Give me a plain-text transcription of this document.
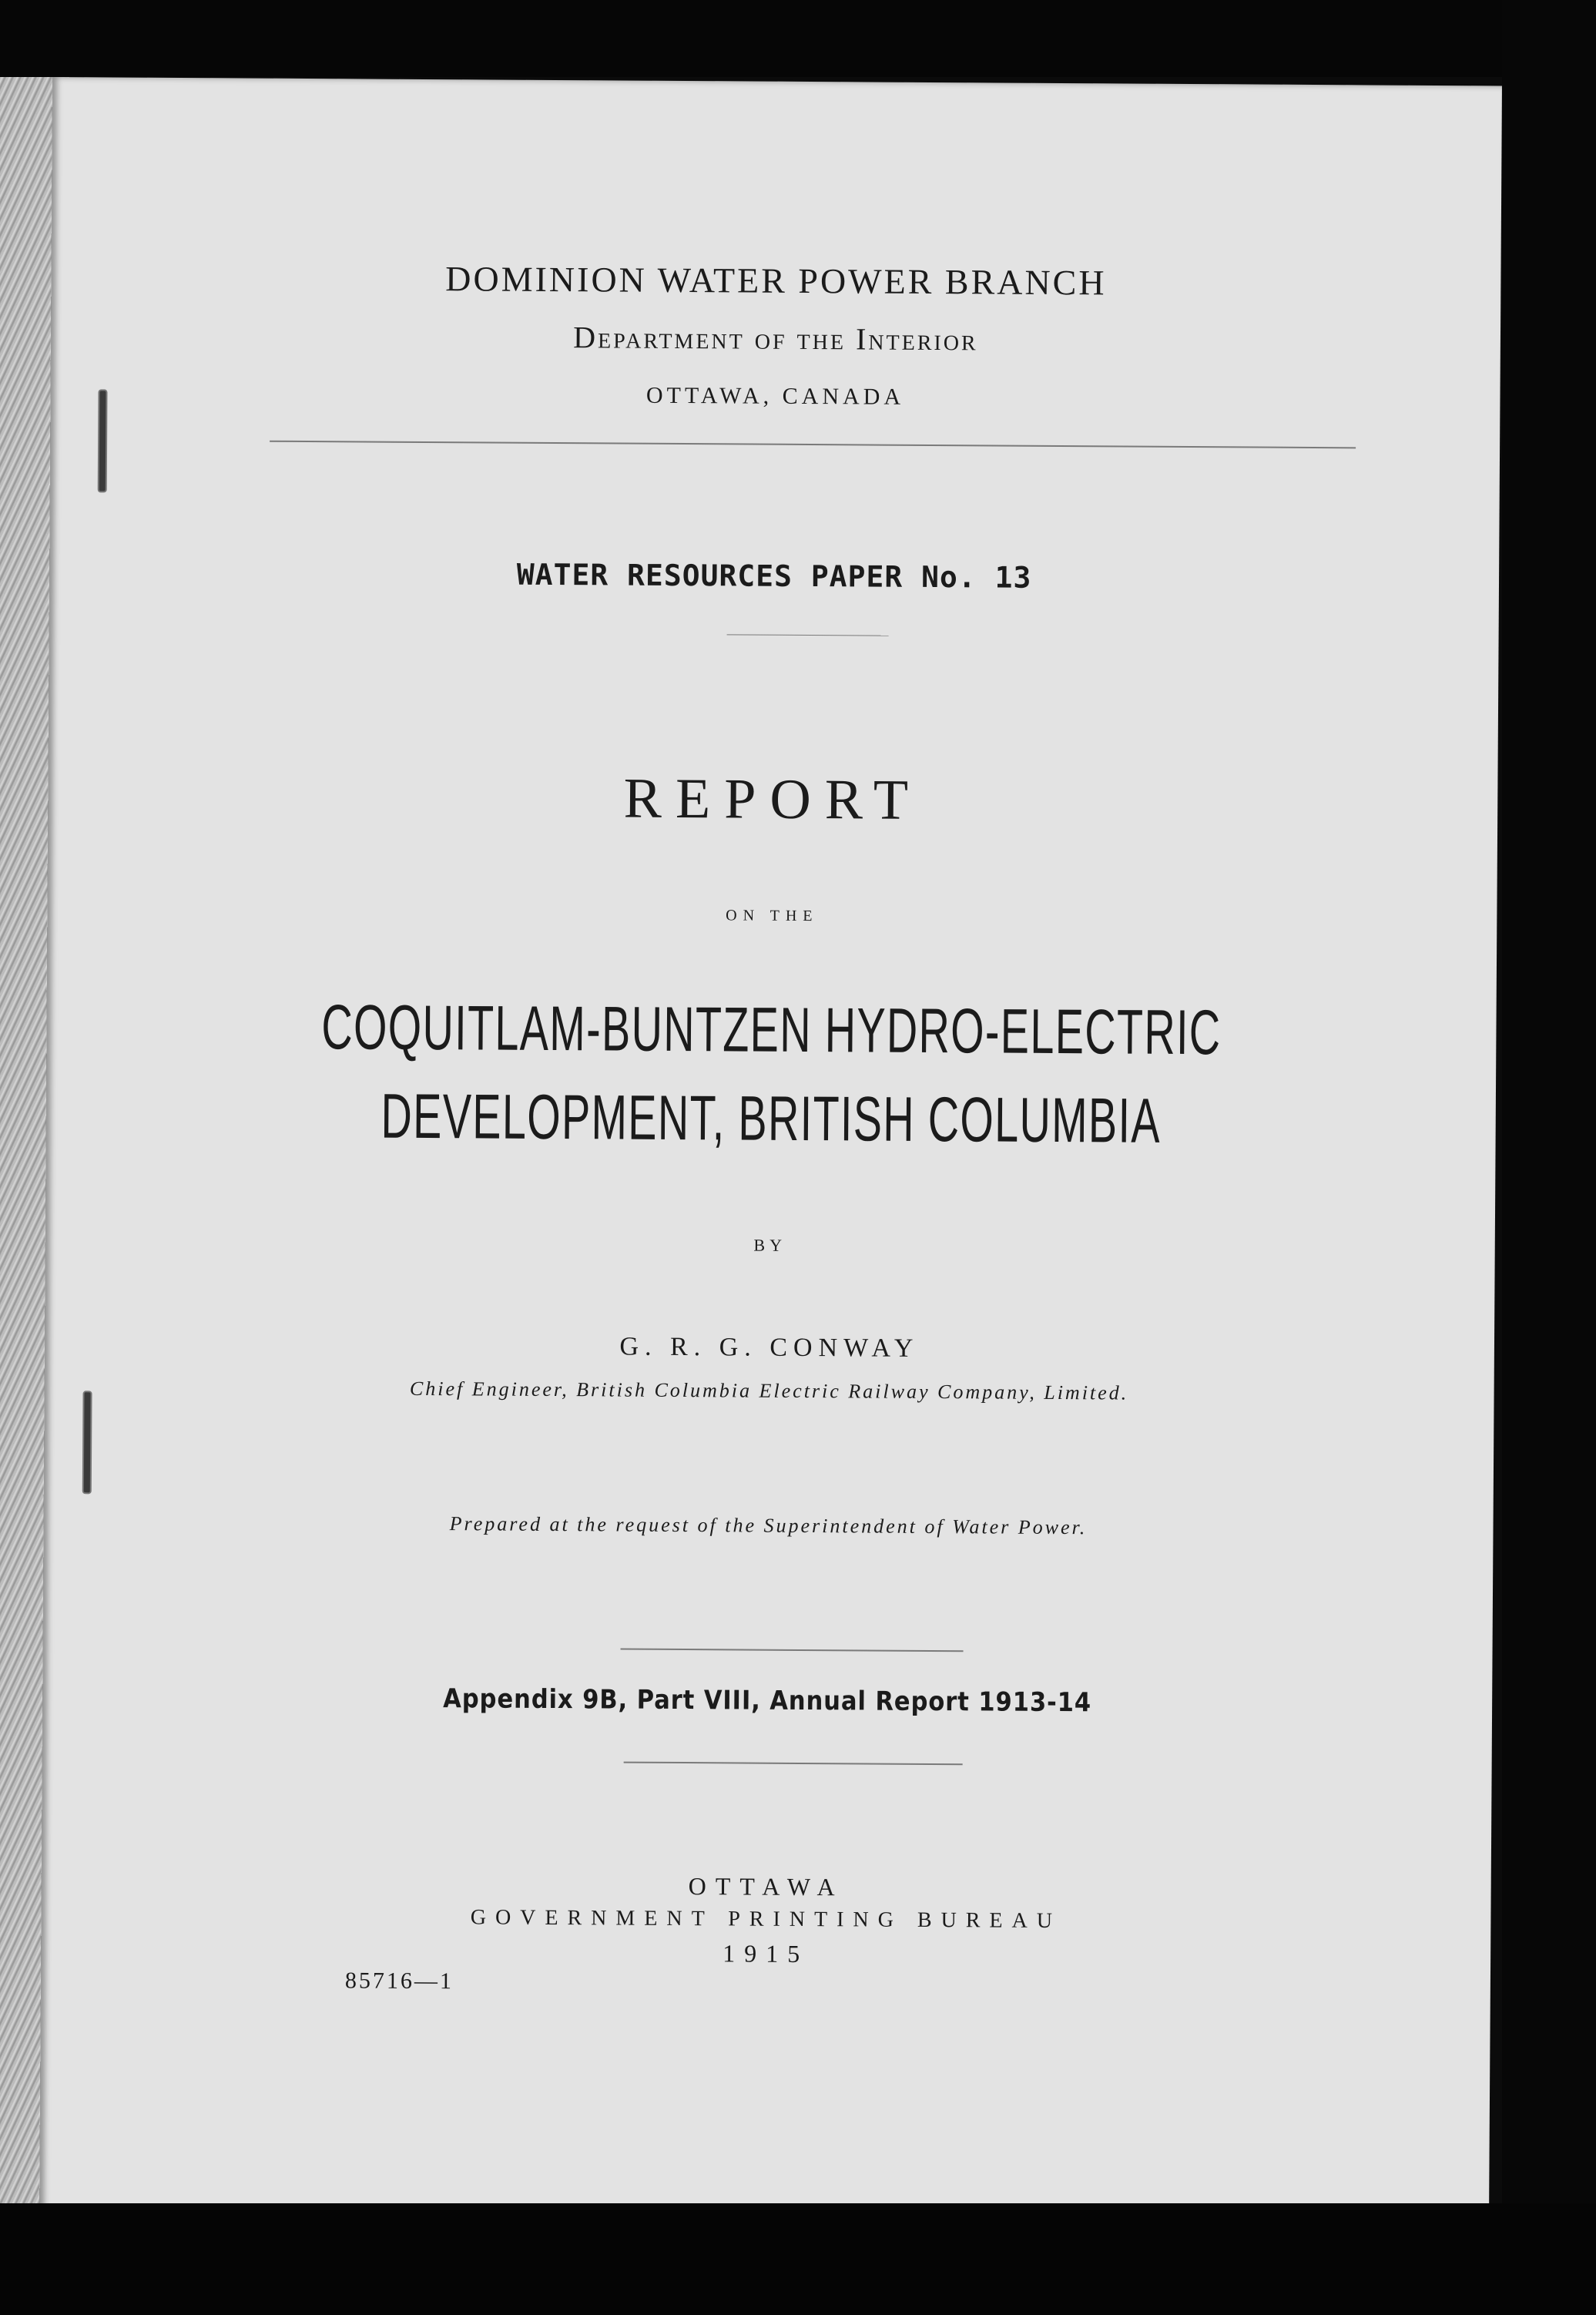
DOMINION WATER POWER BRANCH
Department of the Interior
OTTAWA, CANADA
WATER RESOURCES PAPER No. 13
REPORT
ON THE
COQUITLAM-BUNTZEN HYDRO-ELECTRIC
DEVELOPMENT, BRITISH COLUMBIA
BY
G. R. G. CONWAY
Chief Engineer, British Columbia Electric Railway Company, Limited.
Prepared at the request of the Superintendent of Water Power.
Appendix 9B, Part VIII, Annual Report 1913-14
OTTAWA
GOVERNMENT PRINTING BUREAU
1915
85716—1
